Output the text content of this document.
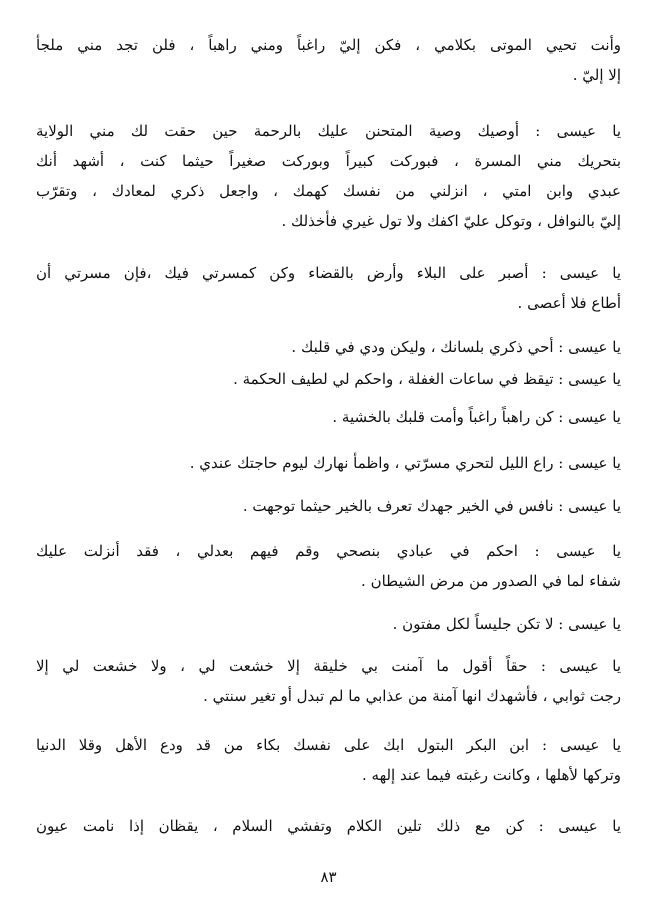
وأنت تحيي الموتى بكلامي ، فكن إليّ راغباً ومني راهباً ، فلن تجد مني ملجأ
إلا إليّ .
يا عيسى : أوصيك وصية المتحنن عليك بالرحمة حين حقت لك مني الولاية
بتحريك مني المسرة ، فبوركت كبيراً وبوركت صغيراً حيثما كنت ، أشهد أنك
عبدي وابن امتي ، انزلني من نفسك كهمك ، واجعل ذكري لمعادك ، وتقرّب
إليّ بالنوافل ، وتوكل عليّ اكفك ولا تول غيري فأخذلك .
يا عيسى : أصبر على البلاء وأرض بالقضاء وكن كمسرتي فيك ،فإن مسرتي أن
أطاع فلا أعصى .
يا عيسى : أحي ذكري بلسانك ، وليكن ودي في قلبك .
يا عيسى : تيقظ في ساعات الغفلة ، واحكم لي لطيف الحكمة .
يا عيسى : كن راهباً راغباً وأمت قلبك بالخشية .
يا عيسى : راع الليل لتحري مسرّتي ، واظمأ نهارك ليوم حاجتك عندي .
يا عيسى : نافس في الخير جهدك تعرف بالخير حيثما توجهت .
يا عيسى : احكم في عبادي بنصحي وقم فيهم بعدلي ، فقد أنزلت عليك
شفاء لما في الصدور من مرض الشيطان .
يا عيسى : لا تكن جليساً لكل مفتون .
يا عيسى : حقاً أقول ما آمنت بي خليقة إلا خشعت لي ، ولا خشعت لي إلا
رجت ثوابي ، فأشهدك انها آمنة من عذابي ما لم تبدل أو تغير سنتي .
يا عيسى : ابن البكر البتول ابك على نفسك بكاء من قد ودع الأهل وقلا الدنيا
وتركها لأهلها ، وكانت رغبته فيما عند إلهه .
يا عيسى : كن مع ذلك تلين الكلام وتفشي السلام ، يقظان إذا نامت عيون
٨٣
